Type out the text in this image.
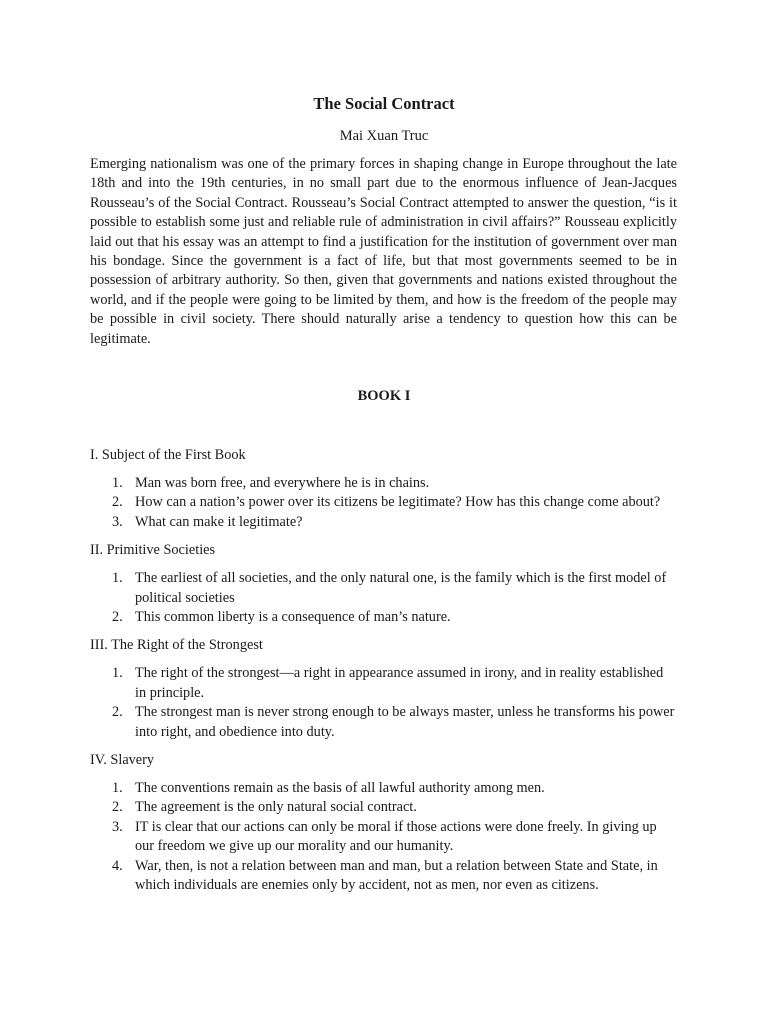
The Social Contract
Mai Xuan Truc

Emerging nationalism was one of the primary forces in shaping change in Europe throughout the late 18th and into the 19th centuries, in no small part due to the enormous influence of Jean-Jacques Rousseau’s of the Social Contract. Rousseau’s Social Contract attempted to answer the question, “is it possible to establish some just and reliable rule of administration in civil affairs?” Rousseau explicitly laid out that his essay was an attempt to find a justification for the institution of government over man his bondage. Since the government is a fact of life, but that most governments seemed to be in possession of arbitrary authority. So then, given that governments and nations existed throughout the world, and if the people were going to be limited by them, and how is the freedom of the people may be possible in civil society. There should naturally arise a tendency to question how this can be legitimate.

BOOK I
I. Subject of the First Book
1. Man was born free, and everywhere he is in chains.
2. How can a nation’s power over its citizens be legitimate? How has this change come about?
3. What can make it legitimate?
II. Primitive Societies
1. The earliest of all societies, and the only natural one, is the family which is the first model of political societies
2. This common liberty is a consequence of man’s nature.
III. The Right of the Strongest
1. The right of the strongest—a right in appearance assumed in irony, and in reality established in principle.
2. The strongest man is never strong enough to be always master, unless he transforms his power into right, and obedience into duty.
IV. Slavery
1. The conventions remain as the basis of all lawful authority among men.
2. The agreement is the only natural social contract.
3. IT is clear that our actions can only be moral if those actions were done freely. In giving up our freedom we give up our morality and our humanity.
4. War, then, is not a relation between man and man, but a relation between State and State, in which individuals are enemies only by accident, not as men, nor even as citizens.
